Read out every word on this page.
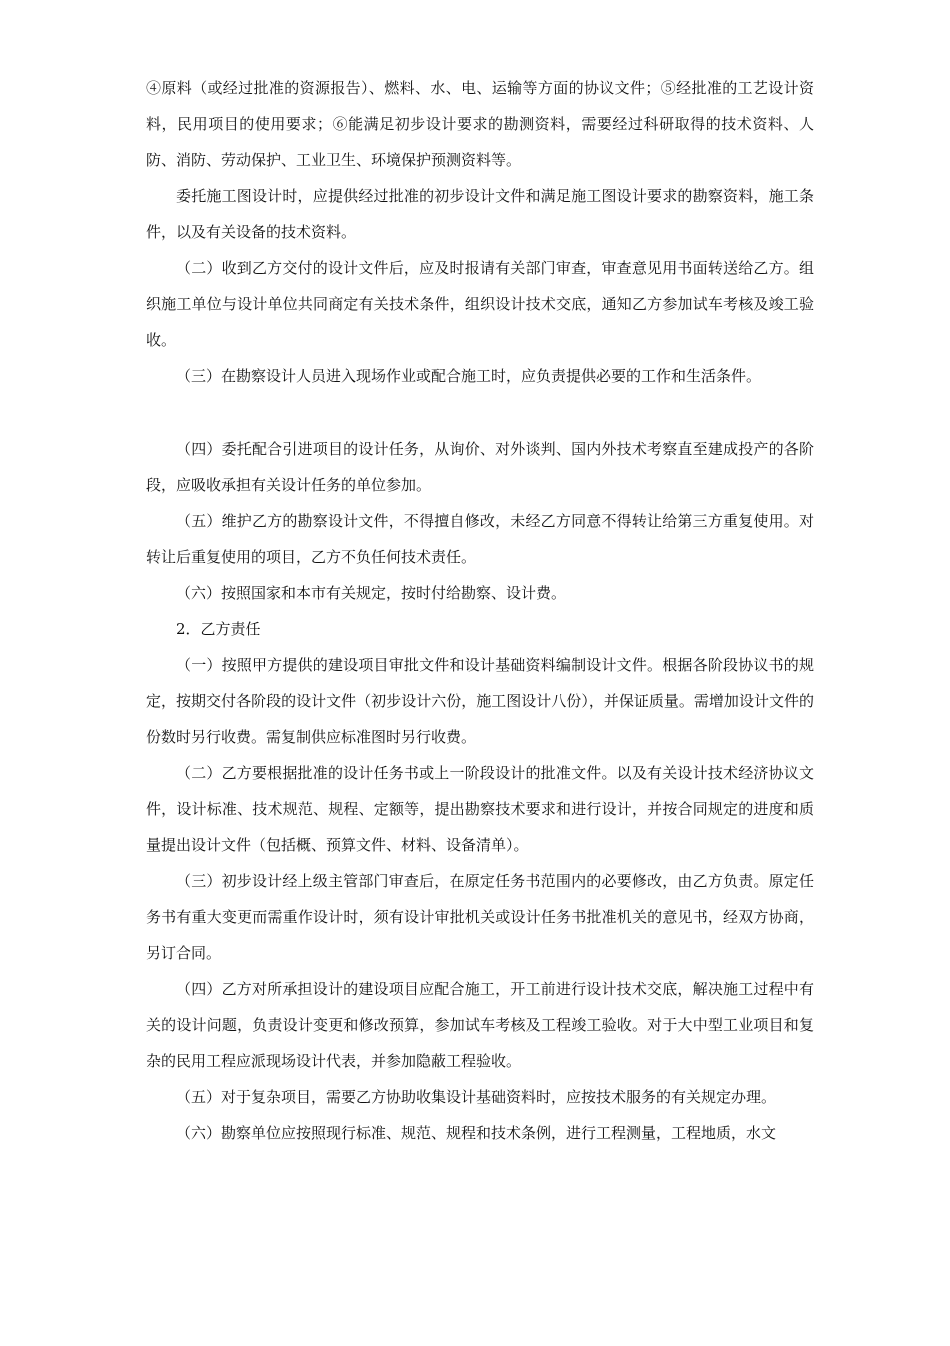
④原料（或经过批准的资源报告）、燃料、水、电、运输等方面的协议文件；⑤经批准的工艺设计资料，民用项目的使用要求；⑥能满足初步设计要求的勘测资料，需要经过科研取得的技术资料、人防、消防、劳动保护、工业卫生、环境保护预测资料等。

委托施工图设计时，应提供经过批准的初步设计文件和满足施工图设计要求的勘察资料，施工条件，以及有关设备的技术资料。

（二）收到乙方交付的设计文件后，应及时报请有关部门审查，审查意见用书面转送给乙方。组织施工单位与设计单位共同商定有关技术条件，组织设计技术交底，通知乙方参加试车考核及竣工验收。

（三）在勘察设计人员进入现场作业或配合施工时，应负责提供必要的工作和生活条件。

（四）委托配合引进项目的设计任务，从询价、对外谈判、国内外技术考察直至建成投产的各阶段，应吸收承担有关设计任务的单位参加。

（五）维护乙方的勘察设计文件，不得擅自修改，未经乙方同意不得转让给第三方重复使用。对转让后重复使用的项目，乙方不负任何技术责任。

（六）按照国家和本市有关规定，按时付给勘察、设计费。

2．乙方责任

（一）按照甲方提供的建设项目审批文件和设计基础资料编制设计文件。根据各阶段协议书的规定，按期交付各阶段的设计文件（初步设计六份，施工图设计八份），并保证质量。需增加设计文件的份数时另行收费。需复制供应标准图时另行收费。

（二）乙方要根据批准的设计任务书或上一阶段设计的批准文件。以及有关设计技术经济协议文件，设计标准、技术规范、规程、定额等，提出勘察技术要求和进行设计，并按合同规定的进度和质量提出设计文件（包括概、预算文件、材料、设备清单）。

（三）初步设计经上级主管部门审查后，在原定任务书范围内的必要修改，由乙方负责。原定任务书有重大变更而需重作设计时，须有设计审批机关或设计任务书批准机关的意见书，经双方协商，另订合同。

（四）乙方对所承担设计的建设项目应配合施工，开工前进行设计技术交底，解决施工过程中有关的设计问题，负责设计变更和修改预算，参加试车考核及工程竣工验收。对于大中型工业项目和复杂的民用工程应派现场设计代表，并参加隐蔽工程验收。

（五）对于复杂项目，需要乙方协助收集设计基础资料时，应按技术服务的有关规定办理。

（六）勘察单位应按照现行标准、规范、规程和技术条例，进行工程测量，工程地质，水文
